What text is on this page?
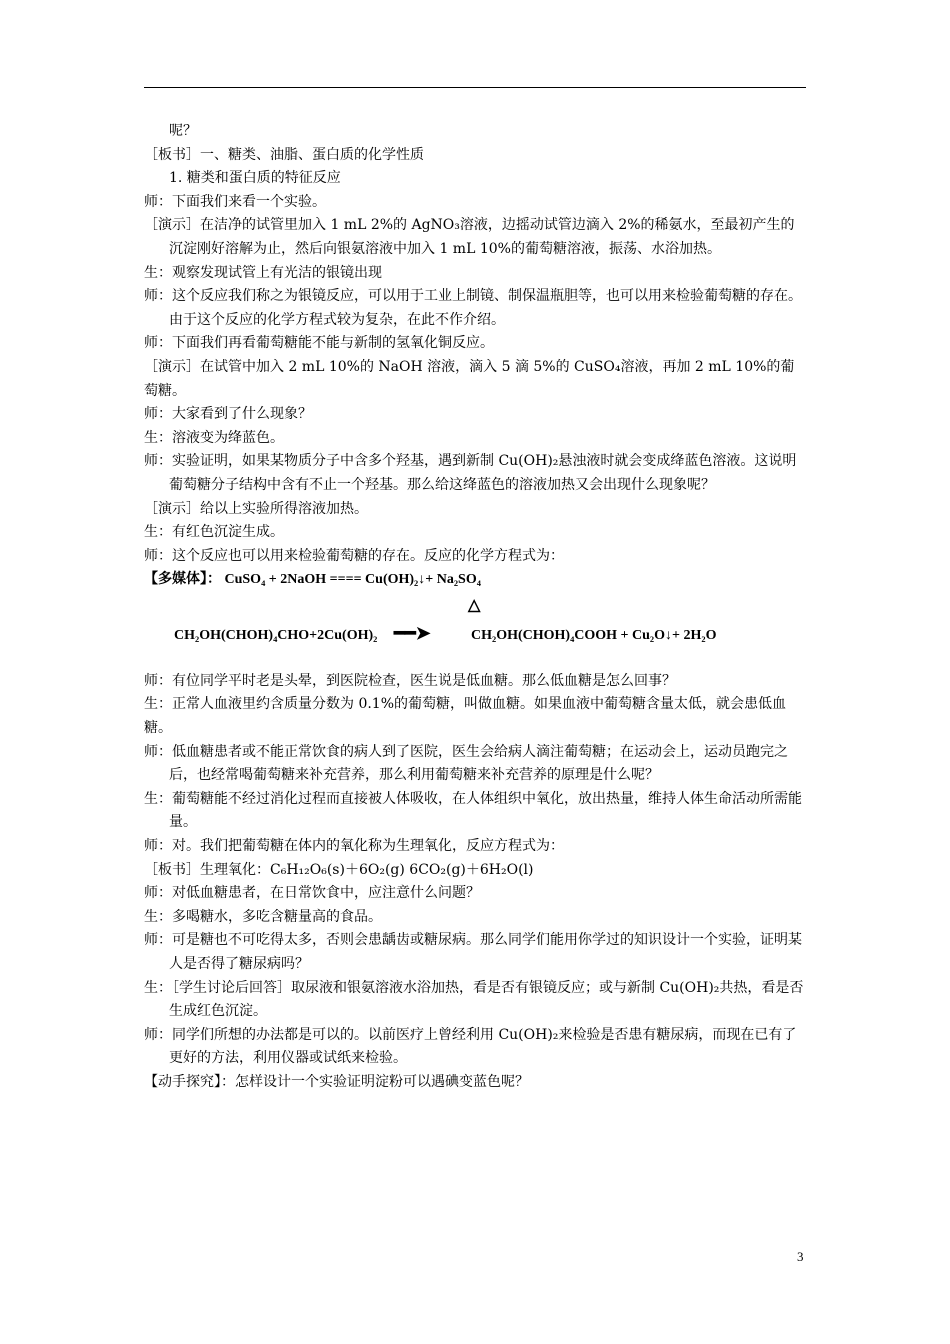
呢？

［板书］一、糖类、油脂、蛋白质的化学性质

1. 糖类和蛋白质的特征反应

师：下面我们来看一个实验。

［演示］在洁净的试管里加入 1 mL 2%的 AgNO₃溶液，边摇动试管边滴入 2%的稀氨水，至最初产生的沉淀刚好溶解为止，然后向银氨溶液中加入 1 mL 10%的葡萄糖溶液，振荡、水浴加热。

生：观察发现试管上有光洁的银镜出现

师：这个反应我们称之为银镜反应，可以用于工业上制镜、制保温瓶胆等，也可以用来检验葡萄糖的存在。由于这个反应的化学方程式较为复杂，在此不作介绍。

师：下面我们再看葡萄糖能不能与新制的氢氧化铜反应。

［演示］在试管中加入 2 mL 10%的 NaOH 溶液，滴入 5 滴 5%的 CuSO₄溶液，再加 2 mL 10%的葡萄糖。

师：大家看到了什么现象？

生：溶液变为绛蓝色。

师：实验证明，如果某物质分子中含多个羟基，遇到新制 Cu(OH)₂悬浊液时就会变成绛蓝色溶液。这说明葡萄糖分子结构中含有不止一个羟基。那么给这绛蓝色的溶液加热又会出现什么现象呢？

［演示］给以上实验所得溶液加热。

生：有红色沉淀生成。

师：这个反应也可以用来检验葡萄糖的存在。反应的化学方程式为：

【多媒体】： CuSO₄ + 2NaOH ==== Cu(OH)₂↓+ Na₂SO₄

△
CH₂OH(CHOH)₄CHO+2Cu(OH)₂ ━━➤	CH₂OH(CHOH)₄COOH + Cu₂O↓+ 2H₂O

师：有位同学平时老是头晕，到医院检查，医生说是低血糖。那么低血糖是怎么回事？

生：正常人血液里约含质量分数为 0.1%的葡萄糖，叫做血糖。如果血液中葡萄糖含量太低，就会患低血糖。

师：低血糖患者或不能正常饮食的病人到了医院，医生会给病人滴注葡萄糖；在运动会上，运动员跑完之后，也经常喝葡萄糖来补充营养，那么利用葡萄糖来补充营养的原理是什么呢？

生：葡萄糖能不经过消化过程而直接被人体吸收，在人体组织中氧化，放出热量，维持人体生命活动所需能量。

师：对。我们把葡萄糖在体内的氧化称为生理氧化，反应方程式为：

［板书］生理氧化：C₆H₁₂O₆(s)＋6O₂(g) 6CO₂(g)＋6H₂O(l)

师：对低血糖患者，在日常饮食中，应注意什么问题？

生：多喝糖水，多吃含糖量高的食品。

师：可是糖也不可吃得太多，否则会患龋齿或糖尿病。那么同学们能用你学过的知识设计一个实验，证明某人是否得了糖尿病吗？

生：［学生讨论后回答］取尿液和银氨溶液水浴加热，看是否有银镜反应；或与新制 Cu(OH)₂共热，看是否生成红色沉淀。

师：同学们所想的办法都是可以的。以前医疗上曾经利用 Cu(OH)₂来检验是否患有糖尿病，而现在已有了更好的方法，利用仪器或试纸来检验。

【动手探究】：怎样设计一个实验证明淀粉可以遇碘变蓝色呢？

3
